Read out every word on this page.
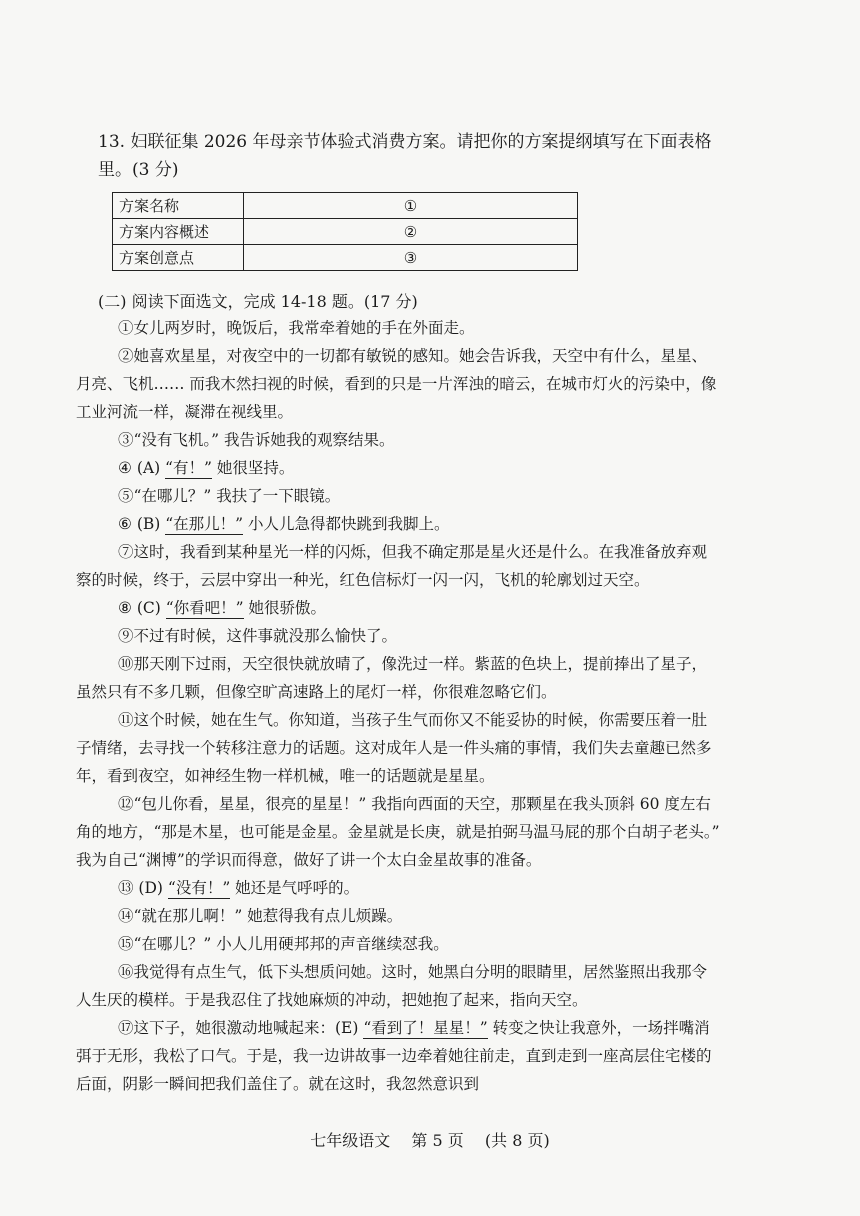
13. 妇联征集 2026 年母亲节体验式消费方案。请把你的方案提纲填写在下面表格里。(3 分)
方案名称	①
方案内容概述	②
方案创意点	③
(二) 阅读下面选文，完成 14-18 题。(17 分)

①女儿两岁时，晚饭后，我常牵着她的手在外面走。

②她喜欢星星，对夜空中的一切都有敏锐的感知。她会告诉我，天空中有什么，星星、月亮、飞机…… 而我木然扫视的时候，看到的只是一片浑浊的暗云，在城市灯火的污染中，像工业河流一样，凝滞在视线里。

③“没有飞机。” 我告诉她我的观察结果。

④ (A) “有！” 她很坚持。

⑤“在哪儿？” 我扶了一下眼镜。

⑥ (B) “在那儿！” 小人儿急得都快跳到我脚上。

⑦这时，我看到某种星光一样的闪烁，但我不确定那是星火还是什么。在我准备放弃观察的时候，终于，云层中穿出一种光，红色信标灯一闪一闪，飞机的轮廓划过天空。

⑧ (C) “你看吧！” 她很骄傲。

⑨不过有时候，这件事就没那么愉快了。

⑩那天刚下过雨，天空很快就放晴了，像洗过一样。紫蓝的色块上，提前捧出了星子，虽然只有不多几颗，但像空旷高速路上的尾灯一样，你很难忽略它们。

⑪这个时候，她在生气。你知道，当孩子生气而你又不能妥协的时候，你需要压着一肚子情绪，去寻找一个转移注意力的话题。这对成年人是一件头痛的事情，我们失去童趣已然多年，看到夜空，如神经生物一样机械，唯一的话题就是星星。

⑫“包儿你看，星星，很亮的星星！” 我指向西面的天空，那颗星在我头顶斜 60 度左右角的地方，“那是木星，也可能是金星。金星就是长庚，就是拍弼马温马屁的那个白胡子老头。” 我为自己“渊博”的学识而得意，做好了讲一个太白金星故事的准备。

⑬ (D) “没有！” 她还是气呼呼的。

⑭“就在那儿啊！” 她惹得我有点儿烦躁。

⑮“在哪儿？” 小人儿用硬邦邦的声音继续怼我。

⑯我觉得有点生气，低下头想质问她。这时，她黑白分明的眼睛里，居然鉴照出我那令人生厌的模样。于是我忍住了找她麻烦的冲动，把她抱了起来，指向天空。

⑰这下子，她很激动地喊起来：(E) “看到了！星星！” 转变之快让我意外，一场拌嘴消弭于无形，我松了口气。于是，我一边讲故事一边牵着她往前走，直到走到一座高层住宅楼的后面，阴影一瞬间把我们盖住了。就在这时，我忽然意识到

七年级语文 第 5 页 (共 8 页)
